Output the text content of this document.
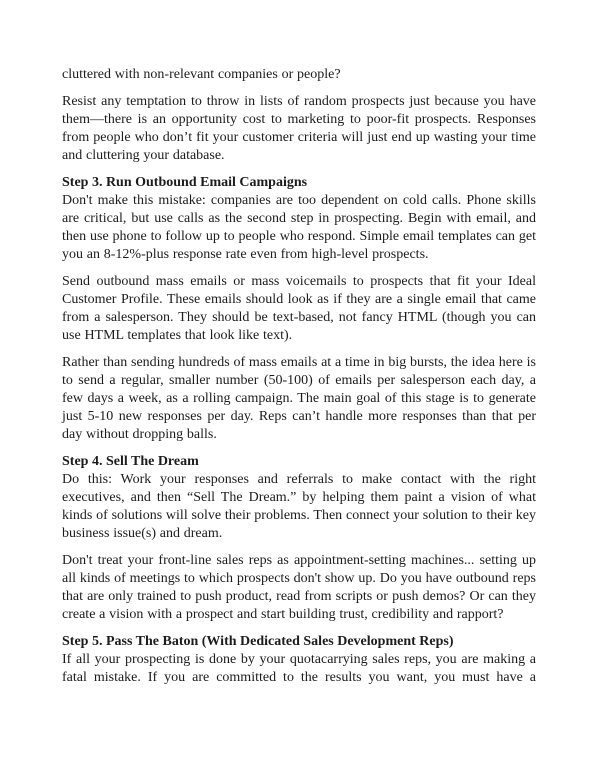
cluttered with non-relevant companies or people?

Resist any temptation to throw in lists of random prospects just because you have them—there is an opportunity cost to marketing to poor-fit prospects. Responses from people who don’t fit your customer criteria will just end up wasting your time and cluttering your database.

Step 3. Run Outbound Email Campaigns

Don't make this mistake: companies are too dependent on cold calls. Phone skills are critical, but use calls as the second step in prospecting. Begin with email, and then use phone to follow up to people who respond. Simple email templates can get you an 8-12%-plus response rate even from high-level prospects.

Send outbound mass emails or mass voicemails to prospects that fit your Ideal Customer Profile. These emails should look as if they are a single email that came from a salesperson. They should be text-based, not fancy HTML (though you can use HTML templates that look like text).

Rather than sending hundreds of mass emails at a time in big bursts, the idea here is to send a regular, smaller number (50-100) of emails per salesperson each day, a few days a week, as a rolling campaign. The main goal of this stage is to generate just 5-10 new responses per day. Reps can’t handle more responses than that per day without dropping balls.

Step 4. Sell The Dream

Do this: Work your responses and referrals to make contact with the right executives, and then “Sell The Dream.” by helping them paint a vision of what kinds of solutions will solve their problems. Then connect your solution to their key business issue(s) and dream.

Don't treat your front-line sales reps as appointment-setting machines... setting up all kinds of meetings to which prospects don't show up. Do you have outbound reps that are only trained to push product, read from scripts or push demos? Or can they create a vision with a prospect and start building trust, credibility and rapport?

Step 5. Pass The Baton (With Dedicated Sales Development Reps)

If all your prospecting is done by your quotacarrying sales reps, you are making a fatal mistake. If you are committed to the results you want, you must have a
